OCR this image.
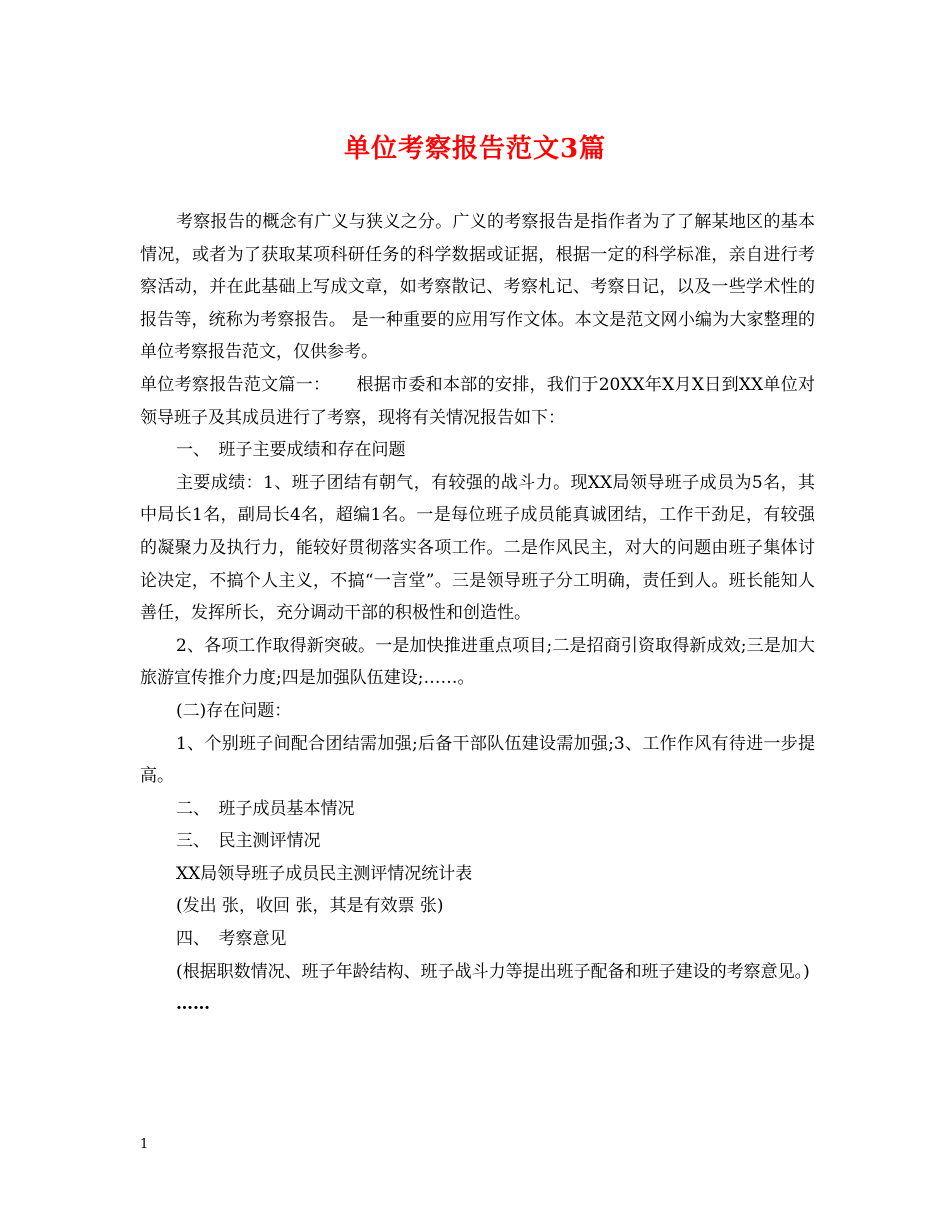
单位考察报告范文3篇

考察报告的概念有广义与狭义之分。广义的考察报告是指作者为了了解某地区的基本情况，或者为了获取某项科研任务的科学数据或证据，根据一定的科学标准，亲自进行考察活动，并在此基础上写成文章，如考察散记、考察札记、考察日记，以及一些学术性的报告等，统称为考察报告。 是一种重要的应用写作文体。本文是范文网小编为大家整理的单位考察报告范文，仅供参考。

单位考察报告范文篇一：　　根据市委和本部的安排，我们于20XX年X月X日到XX单位对领导班子及其成员进行了考察，现将有关情况报告如下：

一、　班子主要成绩和存在问题

主要成绩：1、班子团结有朝气，有较强的战斗力。现XX局领导班子成员为5名，其中局长1名，副局长4名，超编1名。一是每位班子成员能真诚团结，工作干劲足，有较强的凝聚力及执行力，能较好贯彻落实各项工作。二是作风民主，对大的问题由班子集体讨论决定，不搞个人主义，不搞“一言堂”。三是领导班子分工明确，责任到人。班长能知人善任，发挥所长，充分调动干部的积极性和创造性。

2、各项工作取得新突破。一是加快推进重点项目;二是招商引资取得新成效;三是加大旅游宣传推介力度;四是加强队伍建设;……。

(二)存在问题：

1、个别班子间配合团结需加强;后备干部队伍建设需加强;3、工作作风有待进一步提高。

二、　班子成员基本情况

三、　民主测评情况

XX局领导班子成员民主测评情况统计表

(发出 张，收回 张，其是有效票 张)

四、　考察意见

(根据职数情况、班子年龄结构、班子战斗力等提出班子配备和班子建设的考察意见。)

……

1
